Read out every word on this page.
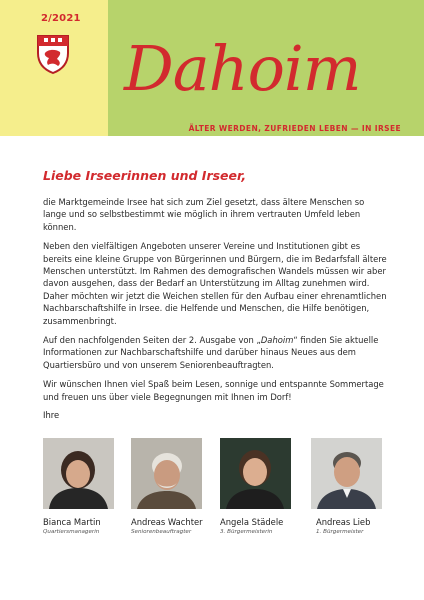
2/2021
Dahoim
ÄLTER WERDEN, ZUFRIEDEN LEBEN — IN IRSEE
Liebe Irseerinnen und Irseer,

die Marktgemeinde Irsee hat sich zum Ziel gesetzt, dass ältere Menschen so lange und so selbstbestimmt wie möglich in ihrem vertrauten Umfeld leben können.

Neben den vielfältigen Angeboten unserer Vereine und Institutionen gibt es bereits eine kleine Gruppe von Bürgerinnen und Bürgern, die im Bedarfsfall ältere Menschen unterstützt. Im Rahmen des demografischen Wandels müssen wir aber davon ausgehen, dass der Bedarf an Unterstützung im Alltag zunehmen wird. Daher möchten wir jetzt die Weichen stellen für den Aufbau einer ehrenamtlichen Nachbarschaftshilfe in Irsee. die Helfende und Menschen, die Hilfe benötigen, zusammenbringt.

Auf den nachfolgenden Seiten der 2. Ausgabe von „Dahoim“ finden Sie aktuelle Informationen zur Nachbarschaftshilfe und darüber hinaus Neues aus dem Quartiersbüro und von unserem Seniorenbeauftragten.

Wir wünschen Ihnen viel Spaß beim Lesen, sonnige und entspannte Sommertage und freuen uns über viele Begegnungen mit Ihnen im Dorf!

Ihre

Bianca Martin
Quartiersmanagerin
Andreas Wachter
Seniorenbeauftragter
Angela Städele
3. Bürgermeisterin
Andreas Lieb
1. Bürgermeister
